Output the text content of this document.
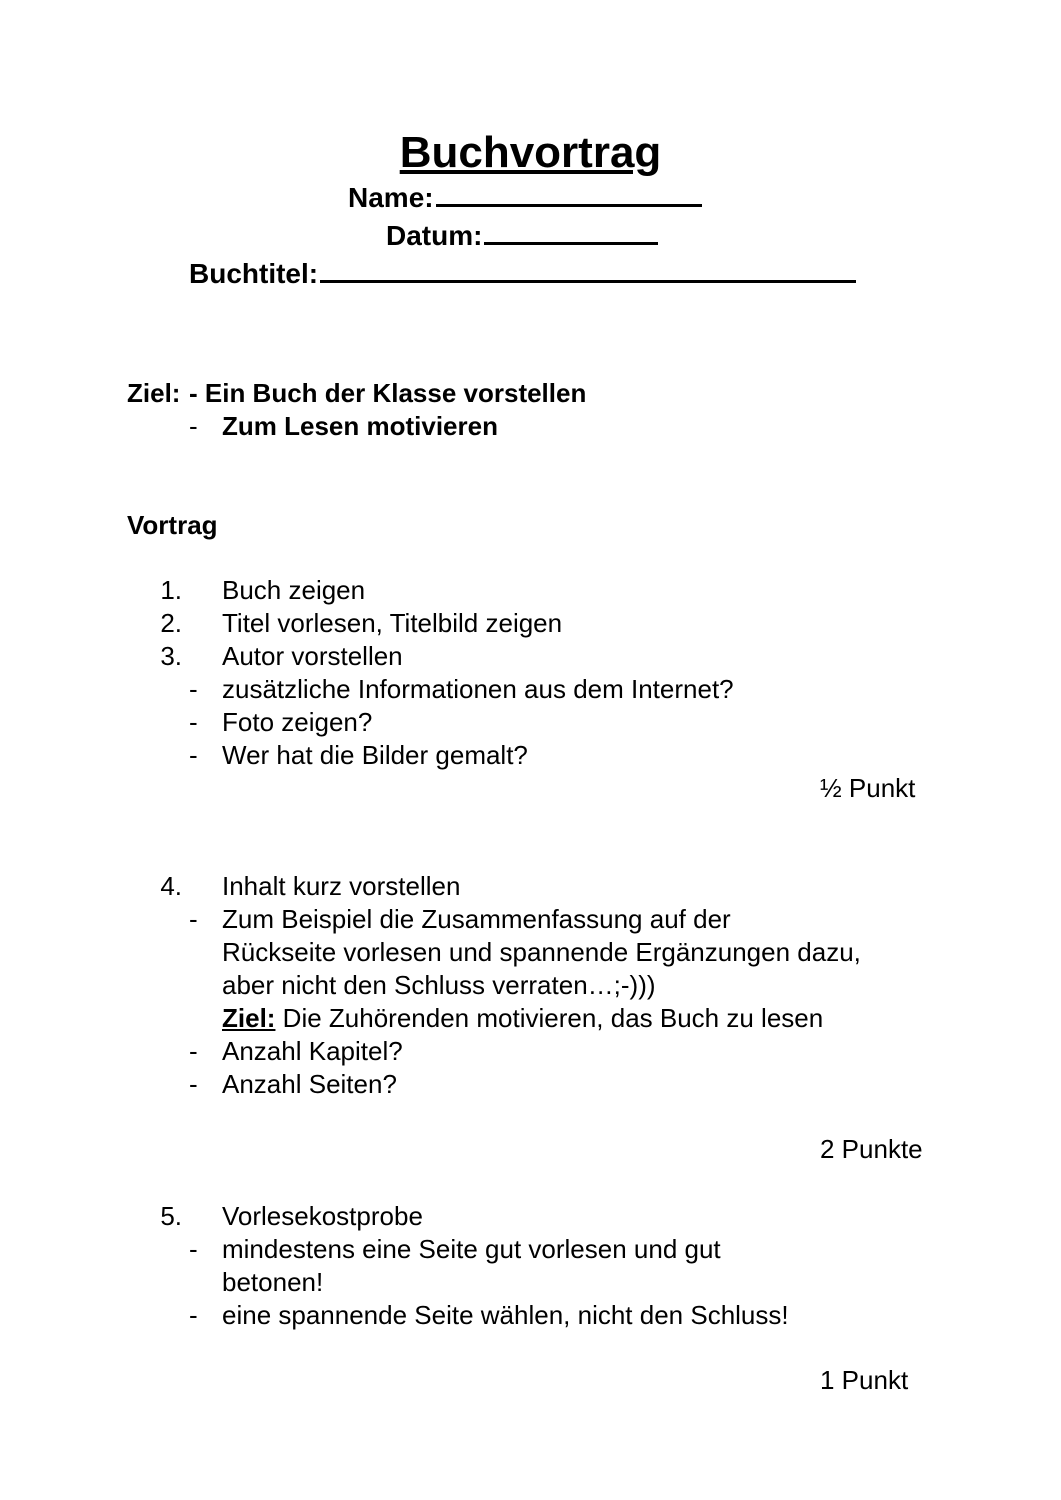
Buchvortrag
Name:
Datum:
Buchtitel:
Ziel: - Ein Buch der Klasse vorstellen
- Zum Lesen motivieren
Vortrag
1. Buch zeigen
2. Titel vorlesen, Titelbild zeigen
3. Autor vorstellen
- zusätzliche Informationen aus dem Internet?
- Foto zeigen?
- Wer hat die Bilder gemalt?
½ Punkt
4. Inhalt kurz vorstellen
- Zum Beispiel die Zusammenfassung auf der
Rückseite vorlesen und spannende Ergänzungen dazu,
aber nicht den Schluss verraten…;-)))
Ziel: Die Zuhörenden motivieren, das Buch zu lesen
- Anzahl Kapitel?
- Anzahl Seiten?
2 Punkte
5. Vorlesekostprobe
- mindestens eine Seite gut vorlesen und gut
betonen!
- eine spannende Seite wählen, nicht den Schluss!
1 Punkt
